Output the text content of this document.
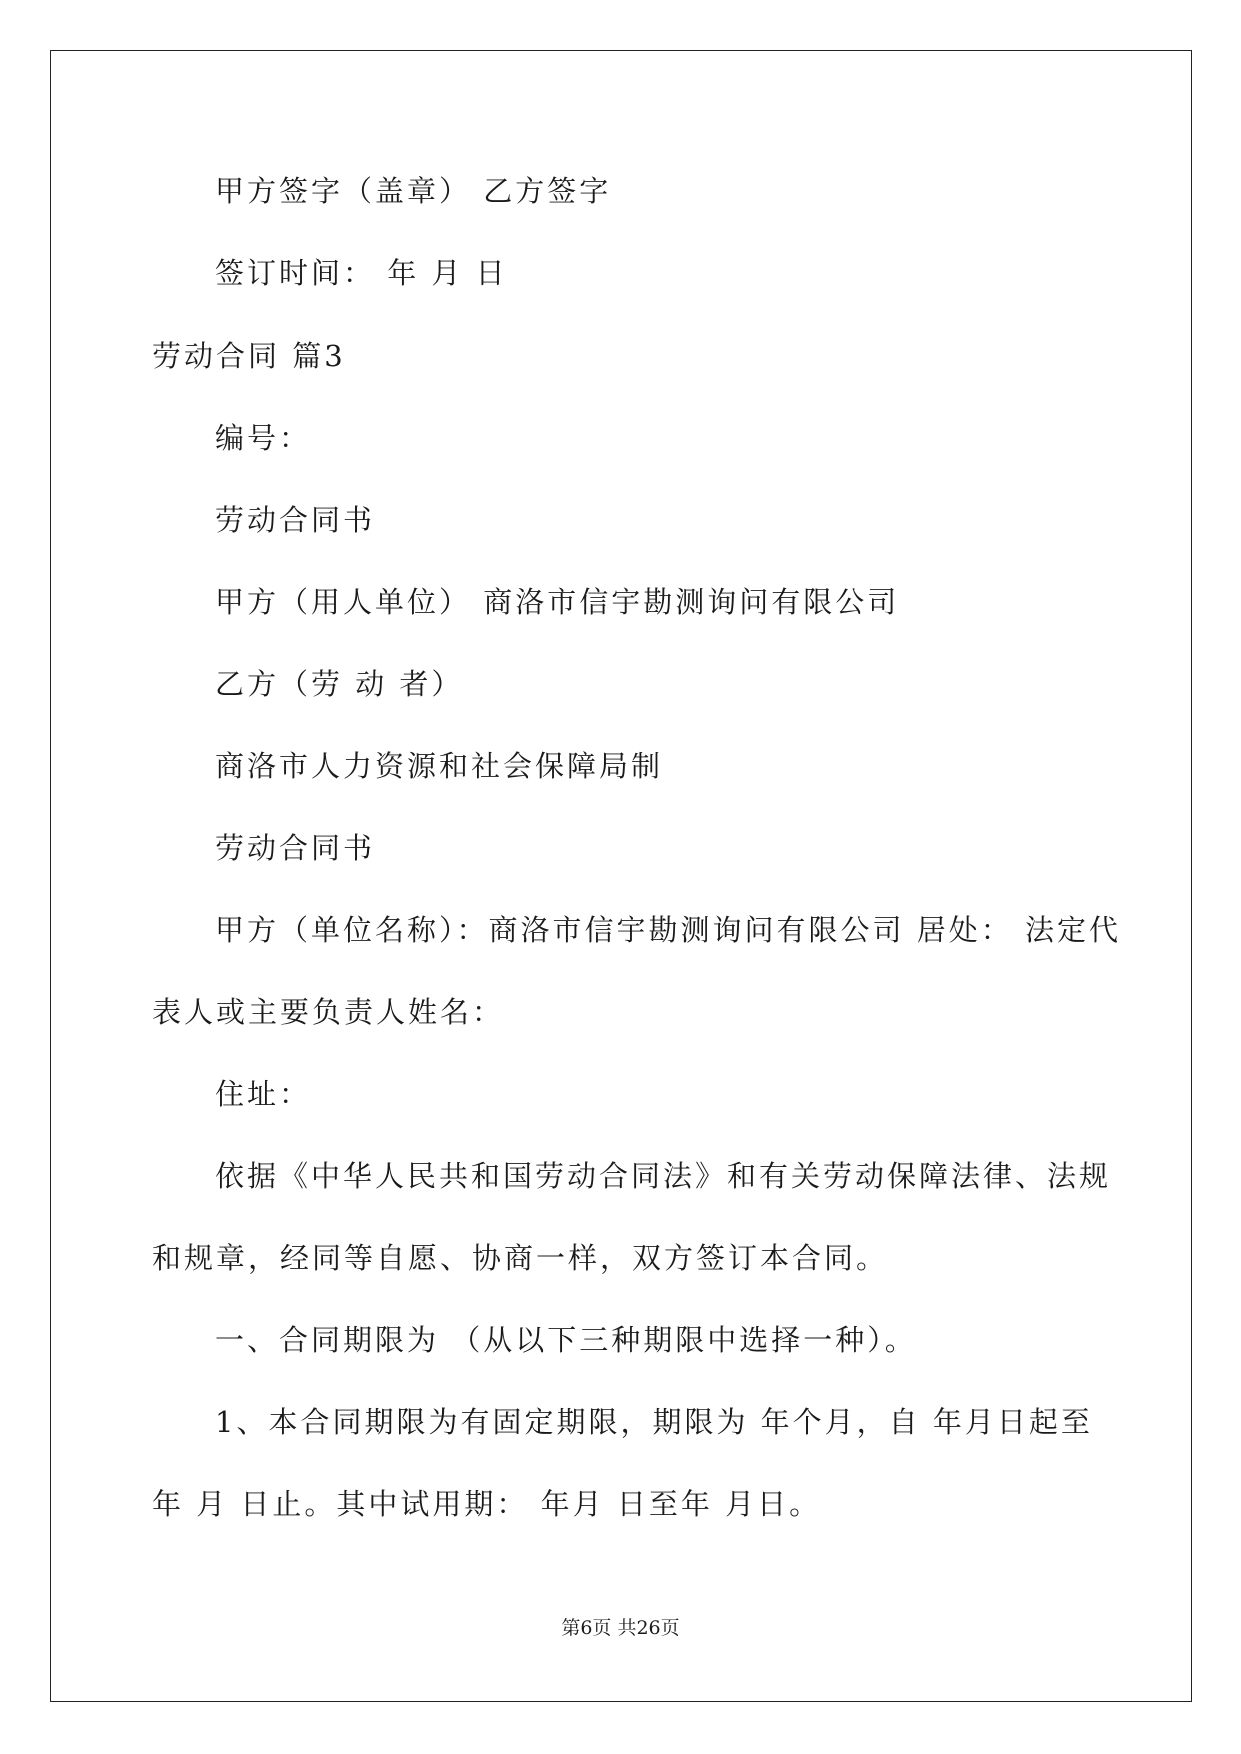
甲方签字（盖章） 乙方签字
签订时间： 年 月 日
劳动合同 篇3
编号：
劳动合同书
甲方（用人单位） 商洛市信宇勘测询问有限公司
乙方（劳 动 者）
商洛市人力资源和社会保障局制
劳动合同书
甲方（单位名称）：商洛市信宇勘测询问有限公司 居处： 法定代
表人或主要负责人姓名：
住址：
依据《中华人民共和国劳动合同法》和有关劳动保障法律、法规
和规章，经同等自愿、协商一样，双方签订本合同。
一、合同期限为 （从以下三种期限中选择一种）。
1、本合同期限为有固定期限，期限为 年个月，自 年月日起至
年 月 日止。其中试用期： 年月 日至年 月日。
第6页 共26页
